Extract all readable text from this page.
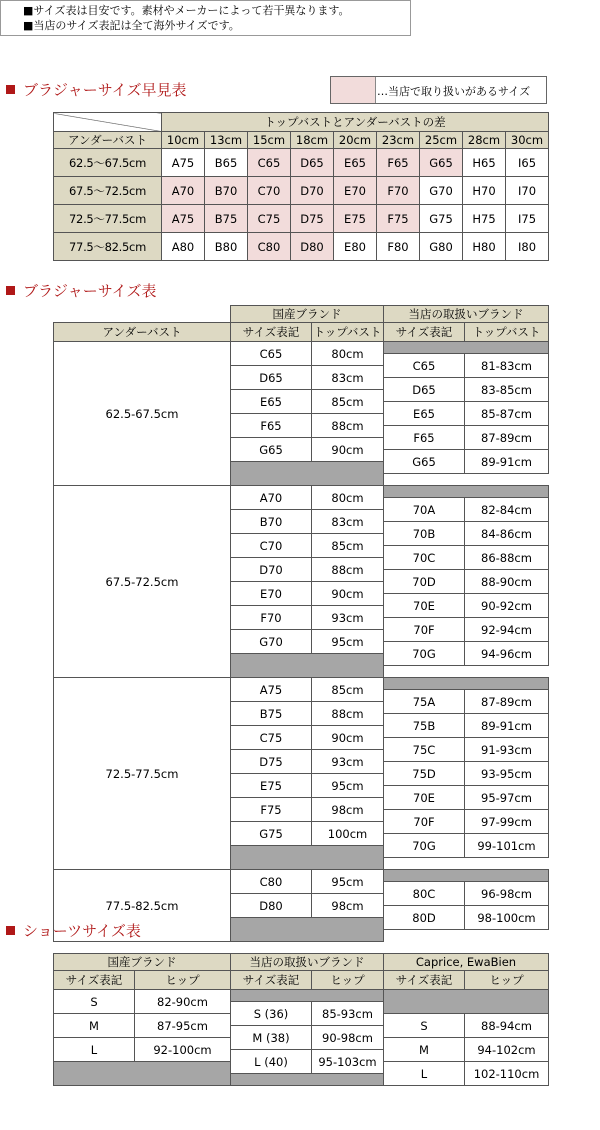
■サイズ表は目安です。素材やメーカーによって若干異なります。
■当店のサイズ表記は全て海外サイズです。
ブラジャーサイズ早見表	…当店で取り扱いがあるサイズ
	トップバストとアンダーバストの差								
アンダーバスト	10cm	13cm	15cm	18cm	20cm	23cm	25cm	28cm	30cm
62.5～67.5cm	A75	B65	C65	D65	E65	F65	G65	H65	I65
67.5～72.5cm	A70	B70	C70	D70	E70	F70	G70	H70	I70
72.5～77.5cm	A75	B75	C75	D75	E75	F75	G75	H75	I75
77.5～82.5cm	A80	B80	C80	D80	E80	F80	G80	H80	I80
ブラジャーサイズ表
	国産ブランド		当店の取扱いブランド	
アンダーバスト	サイズ表記	トップバスト	サイズ表記	トップバスト
62.5-67.5cm	C65	80cm		
			C65	81-83cm
	D65	83cm		
			D65	83-85cm
	E65	85cm		
			E65	85-87cm
	F65	88cm		
			F65	87-89cm
	G65	90cm		
			G65	89-91cm

67.5-72.5cm	A70	80cm		
			70A	82-84cm
	B70	83cm		
			70B	84-86cm
	C70	85cm		
			70C	86-88cm
	D70	88cm		
			70D	88-90cm
	E70	90cm		
			70E	90-92cm
	F70	93cm		
			70F	92-94cm
	G70	95cm		
			70G	94-96cm

72.5-77.5cm	A75	85cm		
			75A	87-89cm
	B75	88cm		
			75B	89-91cm
	C75	90cm		
			75C	91-93cm
	D75	93cm		
			75D	93-95cm
	E75	95cm		
			70E	95-97cm
	F75	98cm		
			70F	97-99cm
	G75	100cm		
			70G	99-101cm

77.5-82.5cm	C80	95cm		
			80C	96-98cm
	D80	98cm		
			80D	98-100cm

ショーツサイズ表
国産ブランド		当店の取扱いブランド		Caprice, EwaBien	
サイズ表記	ヒップ	サイズ表記	ヒップ	サイズ表記	ヒップ
S	82-90cm				
		S (36)	85-93cm		
M	87-95cm			S	88-94cm
		M (38)	90-98cm		
L	92-100cm			M	94-102cm
		L (40)	95-103cm		
				L	102-110cm
